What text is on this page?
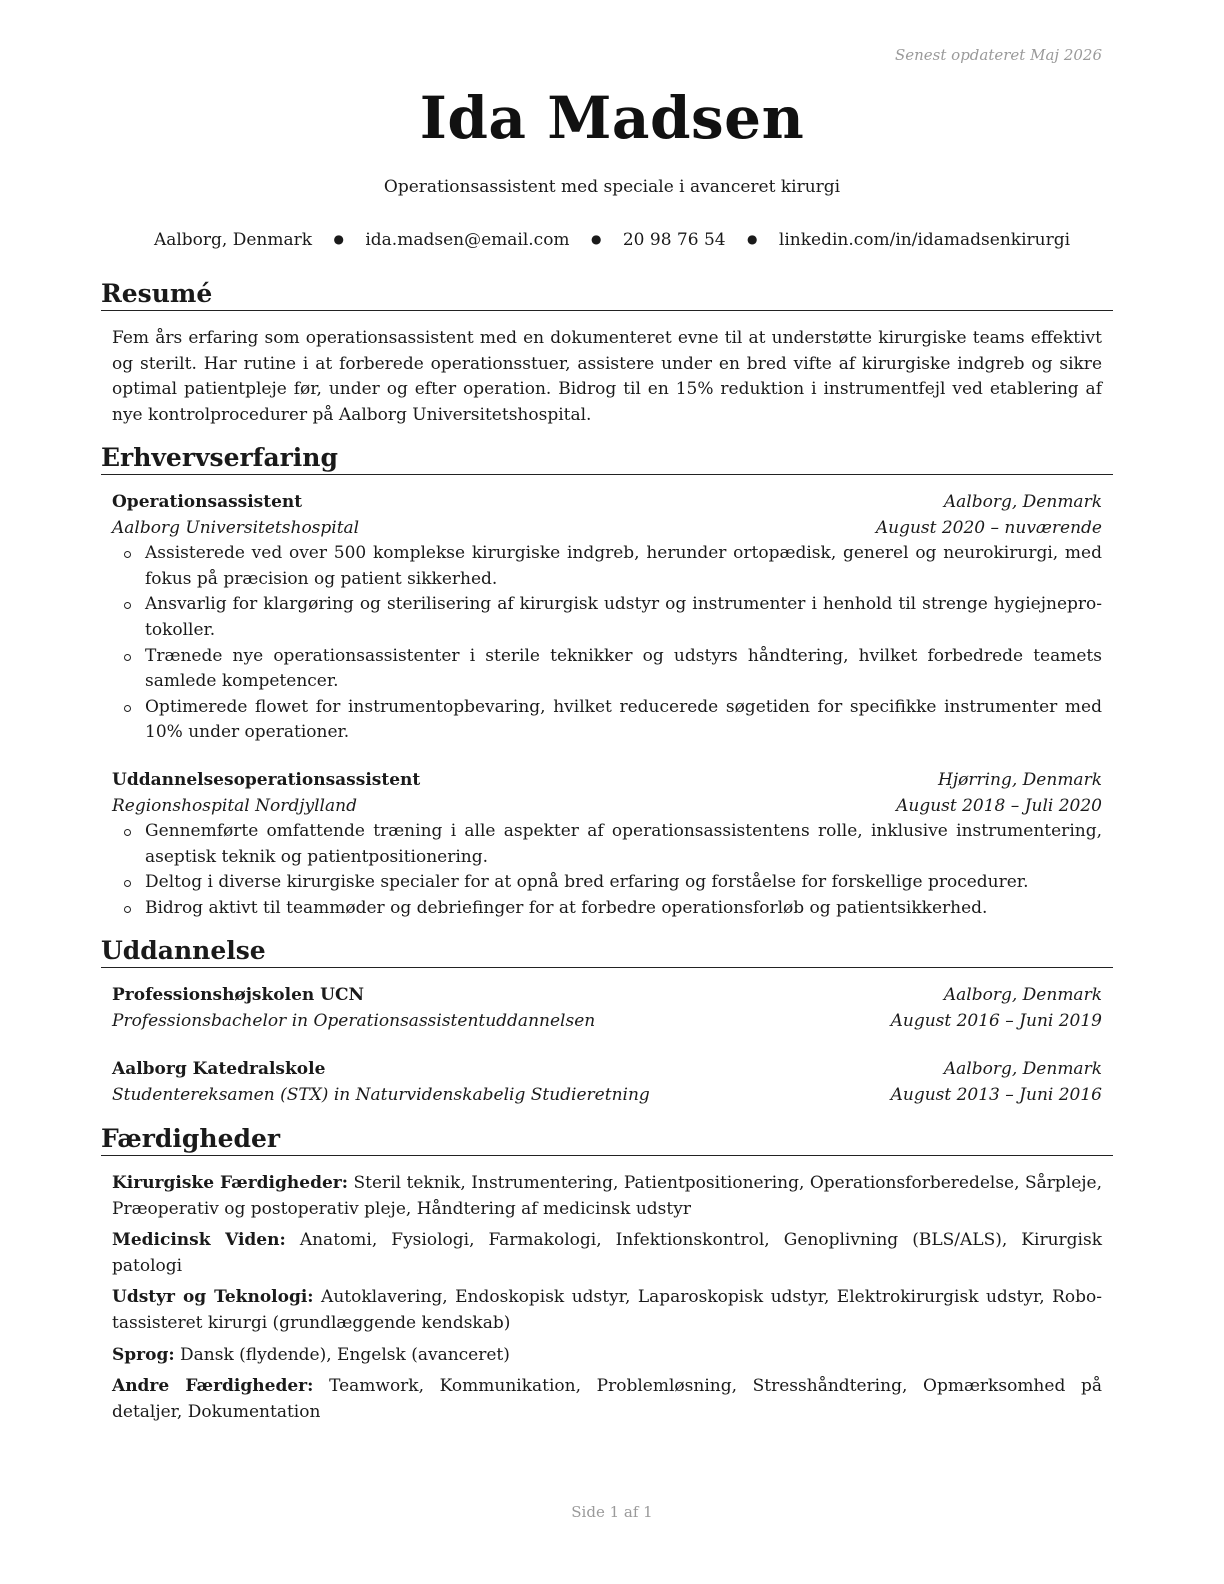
Senest opdateret Maj 2026
Ida Madsen
Operationsassistent med speciale i avanceret kirurgi
Aalborg, Denmark ● ida.madsen@email.com ● 20 98 76 54 ● linkedin.com/in/idamadsenkirurgi
Resumé
Fem års erfaring som operationsassistent med en dokumenteret evne til at understøtte kirurgiske teams effektivt og sterilt. Har rutine i at forberede operationsstuer, assistere under en bred vifte af kirurgiske indgreb og sikre optimal patientpleje før, under og efter operation. Bidrog til en 15% reduktion i instrumentfejl ved etablering af nye kontrolprocedurer på Aalborg Universitetshospital.
Erhvervserfaring
Operationsassistent	Aalborg, Denmark
Aalborg Universitetshospital	August 2020 – nuværende
Assisterede ved over 500 komplekse kirurgiske indgreb, herunder ortopædisk, generel og neurokirurgi, med fokus på præcision og patient sikkerhed.
Ansvarlig for klargøring og sterilisering af kirurgisk udstyr og instrumenter i henhold til strenge hygiejneprotokoller.
Trænede nye operationsassistenter i sterile teknikker og udstyrs håndtering, hvilket forbedrede teamets samlede kompetencer.
Optimerede flowet for instrumentopbevaring, hvilket reducerede søgetiden for specifikke instrumenter med 10% under operationer.
Uddannelsesoperationsassistent	Hjørring, Denmark
Regionshospital Nordjylland	August 2018 – Juli 2020
Gennemførte omfattende træning i alle aspekter af operationsassistentens rolle, inklusive instrumentering, aseptisk teknik og patientpositionering.
Deltog i diverse kirurgiske specialer for at opnå bred erfaring og forståelse for forskellige procedurer.
Bidrog aktivt til teammøder og debriefinger for at forbedre operationsforløb og patientsikkerhed.
Uddannelse
Professionshøjskolen UCN	Aalborg, Denmark
Professionsbachelor in Operationsassistentuddannelsen	August 2016 – Juni 2019
Aalborg Katedralskole	Aalborg, Denmark
Studentereksamen (STX) in Naturvidenskabelig Studieretning	August 2013 – Juni 2016
Færdigheder
Kirurgiske Færdigheder: Steril teknik, Instrumentering, Patientpositionering, Operationsforberedelse, Sårpleje, Præoperativ og postoperativ pleje, Håndtering af medicinsk udstyr
Medicinsk Viden: Anatomi, Fysiologi, Farmakologi, Infektionskontrol, Genoplivning (BLS/ALS), Kirurgisk patologi
Udstyr og Teknologi: Autoklavering, Endoskopisk udstyr, Laparoskopisk udstyr, Elektrokirurgisk udstyr, Robotassisteret kirurgi (grundlæggende kendskab)
Sprog: Dansk (flydende), Engelsk (avanceret)
Andre Færdigheder: Teamwork, Kommunikation, Problemløsning, Stresshåndtering, Opmærksomhed på detaljer, Dokumentation
Side 1 af 1
